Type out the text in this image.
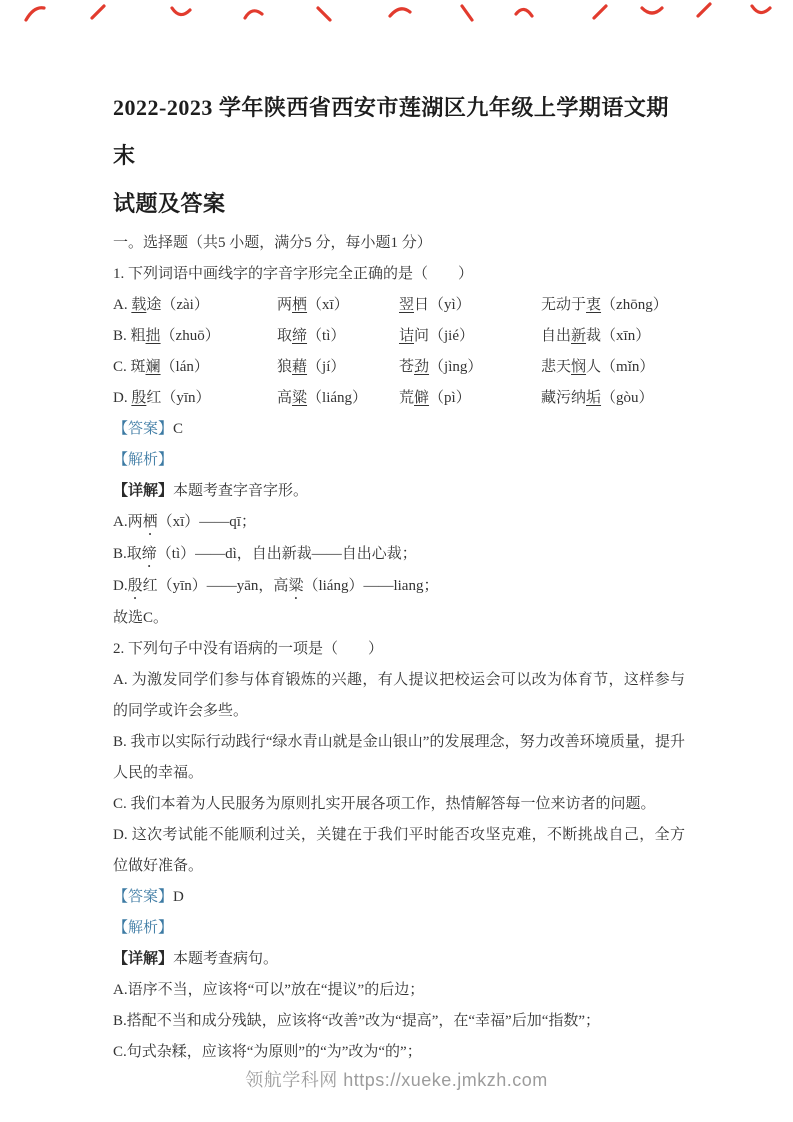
2022-2023 学年陕西省西安市莲湖区九年级上学期语文期末
试题及答案

一。选择题（共5 小题，满分5 分，每小题1 分）

1. 下列词语中画线字的字音字形完全正确的是（　　）

A. 载途（zài）	两栖（xī）	翌日（yì）	无动于衷（zhōng）
B. 粗拙（zhuō）	取缔（tì）	诘问（jié）	自出新裁（xīn）
C. 斑斓（lán）	狼藉（jí）	苍劲（jìng）	悲天悯人（mǐn）
D. 殷红（yīn）	高粱（liáng）	荒僻（pì）	藏污纳垢（gòu）

【答案】C

【解析】

【详解】本题考查字音字形。

A.两栖（xī）——qī；

B.取缔（tì）——dì，自出新裁——自出心裁；

D.殷红（yīn）——yān，高粱（liáng）——liang；

故选C。

2. 下列句子中没有语病的一项是（　　）

A. 为激发同学们参与体育锻炼的兴趣，有人提议把校运会可以改为体育节，这样参与的同学或许会多些。

B. 我市以实际行动践行“绿水青山就是金山银山”的发展理念，努力改善环境质量，提升人民的幸福。

C. 我们本着为人民服务为原则扎实开展各项工作，热情解答每一位来访者的问题。

D. 这次考试能不能顺利过关，关键在于我们平时能否攻坚克难，不断挑战自己，全方位做好准备。

【答案】D

【解析】

【详解】本题考查病句。

A.语序不当，应该将“可以”放在“提议”的后边；

B.搭配不当和成分残缺，应该将“改善”改为“提高”，在“幸福”后加“指数”；

C.句式杂糅，应该将“为原则”的“为”改为“的”；

领航学科网 https://xueke.jmkzh.com
